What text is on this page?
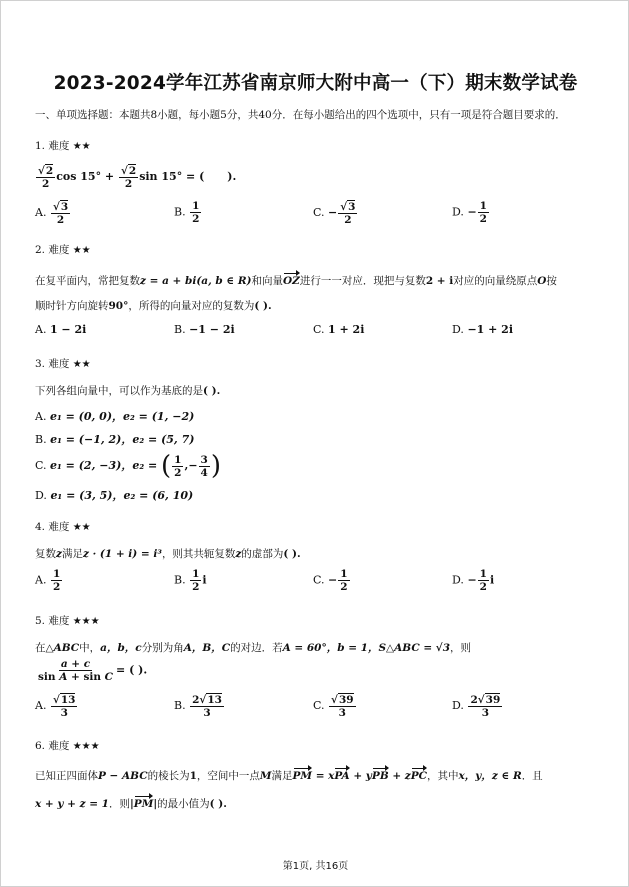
2023-2024学年江苏省南京师大附中高一（下）期末数学试卷
一、单项选择题：本题共8小题，每小题5分，共40分．在每小题给出的四个选项中，只有一项是符合题目要求的．
1. 难度 ★★
$\frac{√2}{2}$ $\cos 15^\circ + \frac{√2}{2}$ sin 15° = (      ).
A. $\frac{√3}{2}$	B. $\frac{1}{2}$	C. − $\frac{√3}{2}$	D. − $\frac{1}{2}$
2. 难度 ★★
在复平面内，常把复数z = a + bi(a, b ∈ R)和向量OZ进行一一对应．现把与复数2 + i对应的向量绕原点O按
顺时针方向旋转90°，所得的向量对应的复数为( ).
A. 1 − 2i	B. −1 − 2i	C. 1 + 2i	D. −1 + 2i
3. 难度 ★★
下列各组向量中，可以作为基底的是( ).
A. e₁ = (0, 0)，e₂ = (1, −2)
B. e₁ = (−1, 2)，e₂ = (5, 7)
C. e₁ = (2, −3)，e₂ = ( $\frac{1}{2}$ ,− $\frac{3}{4}$ )
D. e₁ = (3, 5)，e₂ = (6, 10)
4. 难度 ★★
复数z满足z · (1 + i) = i³，则其共轭复数z的虚部为( ).
A. $\frac{1}{2}$	B. $\frac{1}{2}$ i	C. − $\frac{1}{2}$	D. − $\frac{1}{2}$ i
5. 难度 ★★★
在△ABC中，a，b，c分别为角A，B，C的对边．若A = 60°，b = 1，S△ABC = √3，则
$\frac{a + c}{\text{sin A + sin C}}$ = ( ).
A. $\frac{√13}{3}$	B. $\frac{2√13}{3}$	C. $\frac{√39}{3}$	D. $\frac{2√39}{3}$
6. 难度 ★★★
已知正四面体P − ABC的棱长为1，空间中一点M满足PM = xPA + yPB + zPC，其中x，y，z ∈ R．且
x + y + z = 1．则|PM|的最小值为( ).
第1页, 共16页
